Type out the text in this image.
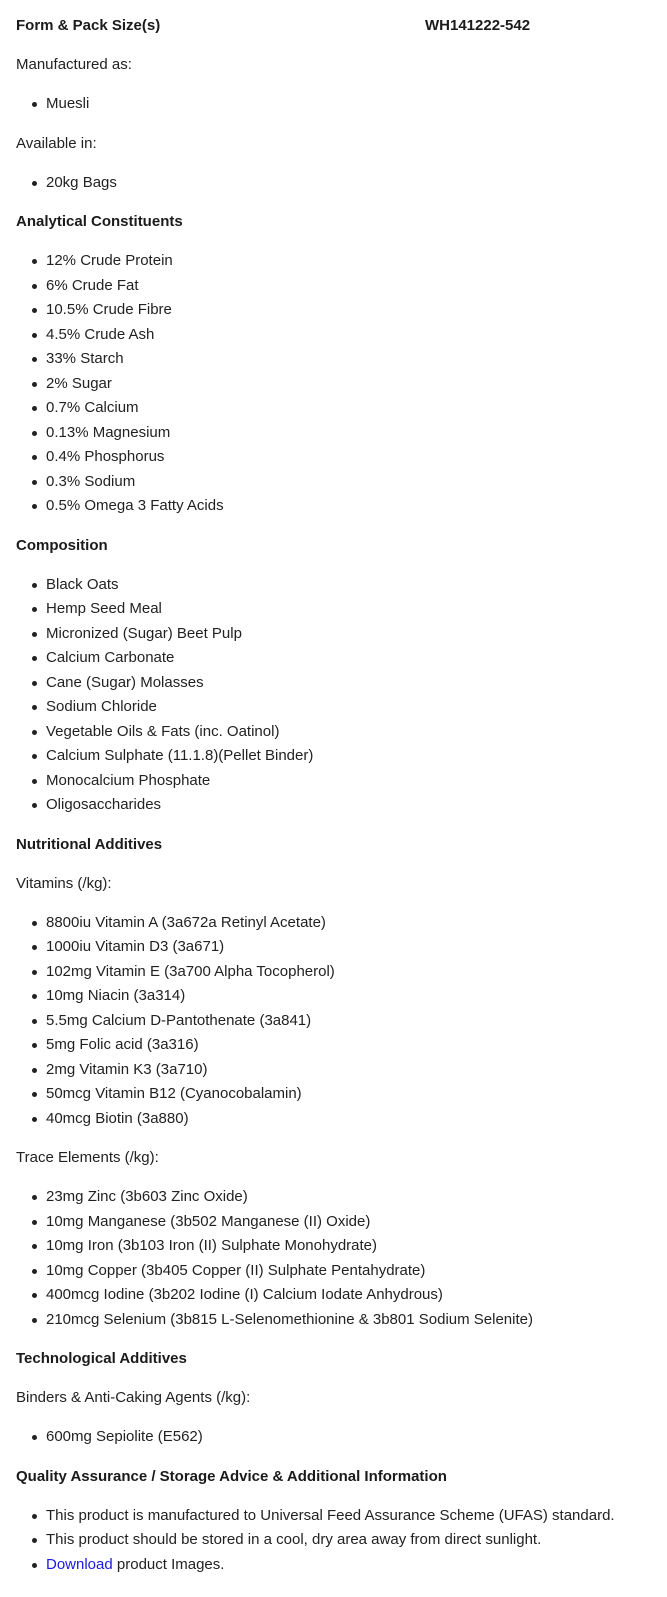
Form & Pack Size(s)	WH141222-542
Manufactured as:
Muesli
Available in:
20kg Bags
Analytical Constituents
12% Crude Protein
6% Crude Fat
10.5% Crude Fibre
4.5% Crude Ash
33% Starch
2% Sugar
0.7% Calcium
0.13% Magnesium
0.4% Phosphorus
0.3% Sodium
0.5% Omega 3 Fatty Acids
Composition
Black Oats
Hemp Seed Meal
Micronized (Sugar) Beet Pulp
Calcium Carbonate
Cane (Sugar) Molasses
Sodium Chloride
Vegetable Oils & Fats (inc. Oatinol)
Calcium Sulphate (11.1.8)(Pellet Binder)
Monocalcium Phosphate
Oligosaccharides
Nutritional Additives
Vitamins (/kg):
8800iu Vitamin A (3a672a Retinyl Acetate)
1000iu Vitamin D3 (3a671)
102mg Vitamin E (3a700 Alpha Tocopherol)
10mg Niacin (3a314)
5.5mg Calcium D-Pantothenate (3a841)
5mg Folic acid (3a316)
2mg Vitamin K3 (3a710)
50mcg Vitamin B12 (Cyanocobalamin)
40mcg Biotin (3a880)
Trace Elements (/kg):
23mg Zinc (3b603 Zinc Oxide)
10mg Manganese (3b502 Manganese (II) Oxide)
10mg Iron (3b103 Iron (II) Sulphate Monohydrate)
10mg Copper (3b405 Copper (II) Sulphate Pentahydrate)
400mcg Iodine (3b202 Iodine (I) Calcium Iodate Anhydrous)
210mcg Selenium (3b815 L-Selenomethionine & 3b801 Sodium Selenite)
Technological Additives
Binders & Anti-Caking Agents (/kg):
600mg Sepiolite (E562)
Quality Assurance / Storage Advice & Additional Information
This product is manufactured to Universal Feed Assurance Scheme (UFAS) standard.
This product should be stored in a cool, dry area away from direct sunlight.
Download product Images.
